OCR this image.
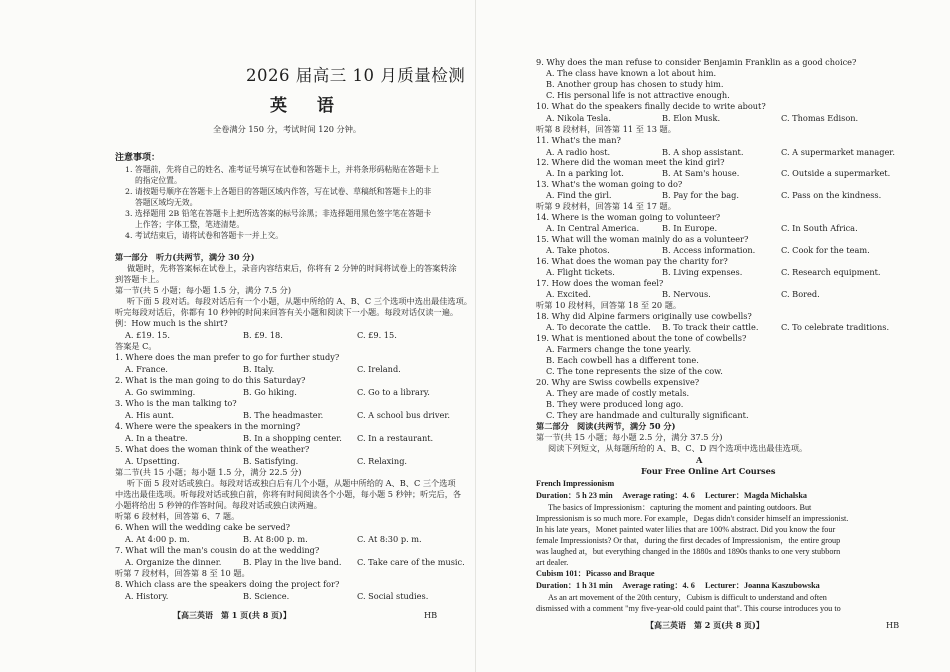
2026 届高三 10 月质量检测
英 语
全卷满分 150 分，考试时间 120 分钟。
注意事项：
1. 答题前，先将自己的姓名、准考证号填写在试卷和答题卡上，并将条形码粘贴在答题卡上
的指定位置。
2. 请按题号顺序在答题卡上各题目的答题区域内作答，写在试卷、草稿纸和答题卡上的非
答题区域均无效。
3. 选择题用 2B 铅笔在答题卡上把所选答案的标号涂黑；非选择题用黑色签字笔在答题卡
上作答；字体工整，笔迹清楚。
4. 考试结束后，请将试卷和答题卡一并上交。
第一部分　听力(共两节，满分 30 分)
做题时，先将答案标在试卷上，录音内容结束后，你将有 2 分钟的时间将试卷上的答案转涂
到答题卡上。
第一节(共 5 小题；每小题 1.5 分，满分 7.5 分)
听下面 5 段对话。每段对话后有一个小题，从题中所给的 A、B、C 三个选项中选出最佳选项。
听完每段对话后，你都有 10 秒钟的时间来回答有关小题和阅读下一小题。每段对话仅读一遍。
例：How much is the shirt?
A. £19. 15.	B. £9. 18.	C. £9. 15.
答案是 C。
1. Where does the man prefer to go for further study?
A. France.	B. Italy.	C. Ireland.
2. What is the man going to do this Saturday?
A. Go swimming.	B. Go hiking.	C. Go to a library.
3. Who is the man talking to?
A. His aunt.	B. The headmaster.	C. A school bus driver.
4. Where were the speakers in the morning?
A. In a theatre.	B. In a shopping center. C. In a restaurant.
5. What does the woman think of the weather?
A. Upsetting.	B. Satisfying.	C. Relaxing.
第二节(共 15 小题；每小题 1.5 分，满分 22.5 分)
听下面 5 段对话或独白。每段对话或独白后有几个小题，从题中所给的 A、B、C 三个选项
中选出最佳选项。听每段对话或独白前，你将有时间阅读各个小题，每小题 5 秒钟；听完后，各
小题将给出 5 秒钟的作答时间。每段对话或独白读两遍。
听第 6 段材料，回答第 6、7 题。
6. When will the wedding cake be served?
A. At 4:00 p. m.	B. At 8:00 p. m.	C. At 8:30 p. m.
7. What will the man's cousin do at the wedding?
A. Organize the dinner.	B. Play in the live band. C. Take care of the music.
听第 7 段材料，回答第 8 至 10 题。
8. Which class are the speakers doing the project for?
A. History.	B. Science.	C. Social studies.
【高三英语　第 1 页(共 8 页)】	HB
9. Why does the man refuse to consider Benjamin Franklin as a good choice?
A. The class have known a lot about him.
B. Another group has chosen to study him.
C. His personal life is not attractive enough.
10. What do the speakers finally decide to write about?
A. Nikola Tesla.	B. Elon Musk.	C. Thomas Edison.
听第 8 段材料，回答第 11 至 13 题。
11. What's the man?
A. A radio host.	B. A shop assistant.	C. A supermarket manager.
12. Where did the woman meet the kind girl?
A. In a parking lot.	B. At Sam's house.	C. Outside a supermarket.
13. What's the woman going to do?
A. Find the girl.	B. Pay for the bag.	C. Pass on the kindness.
听第 9 段材料，回答第 14 至 17 题。
14. Where is the woman going to volunteer?
A. In Central America.	B. In Europe.	C. In South Africa.
15. What will the woman mainly do as a volunteer?
A. Take photos.	B. Access information.	C. Cook for the team.
16. What does the woman pay the charity for?
A. Flight tickets.	B. Living expenses.	C. Research equipment.
17. How does the woman feel?
A. Excited.	B. Nervous.	C. Bored.
听第 10 段材料，回答第 18 至 20 题。
18. Why did Alpine farmers originally use cowbells?
A. To decorate the cattle. B. To track their cattle.	C. To celebrate traditions.
19. What is mentioned about the tone of cowbells?
A. Farmers change the tone yearly.
B. Each cowbell has a different tone.
C. The tone represents the size of the cow.
20. Why are Swiss cowbells expensive?
A. They are made of costly metals.
B. They were produced long ago.
C. They are handmade and culturally significant.
第二部分　阅读(共两节，满分 50 分)
第一节(共 15 小题；每小题 2.5 分，满分 37.5 分)
阅读下列短文，从每题所给的 A、B、C、D 四个选项中选出最佳选项。
A
Four Free Online Art Courses
French Impressionism
Duration：5 h 23 min　 Average rating：4. 6　 Lecturer：Magda Michalska
The basics of Impressionism：capturing the moment and painting outdoors. But
Impressionism is so much more. For example，Degas didn't consider himself an impressionist.
In his late years，Monet painted water lilies that are 100% abstract. Did you know the four
female Impressionists? Or that，during the first decades of Impressionism，the entire group
was laughed at，but everything changed in the 1880s and 1890s thanks to one very stubborn
art dealer.
Cubism 101：Picasso and Braque
Duration：1 h 31 min　 Average rating：4. 6　 Lecturer：Joanna Kaszubowska
As an art movement of the 20th century，Cubism is difficult to understand and often
dismissed with a comment "my five-year-old could paint that". This course introduces you to
【高三英语　第 2 页(共 8 页)】	HB
